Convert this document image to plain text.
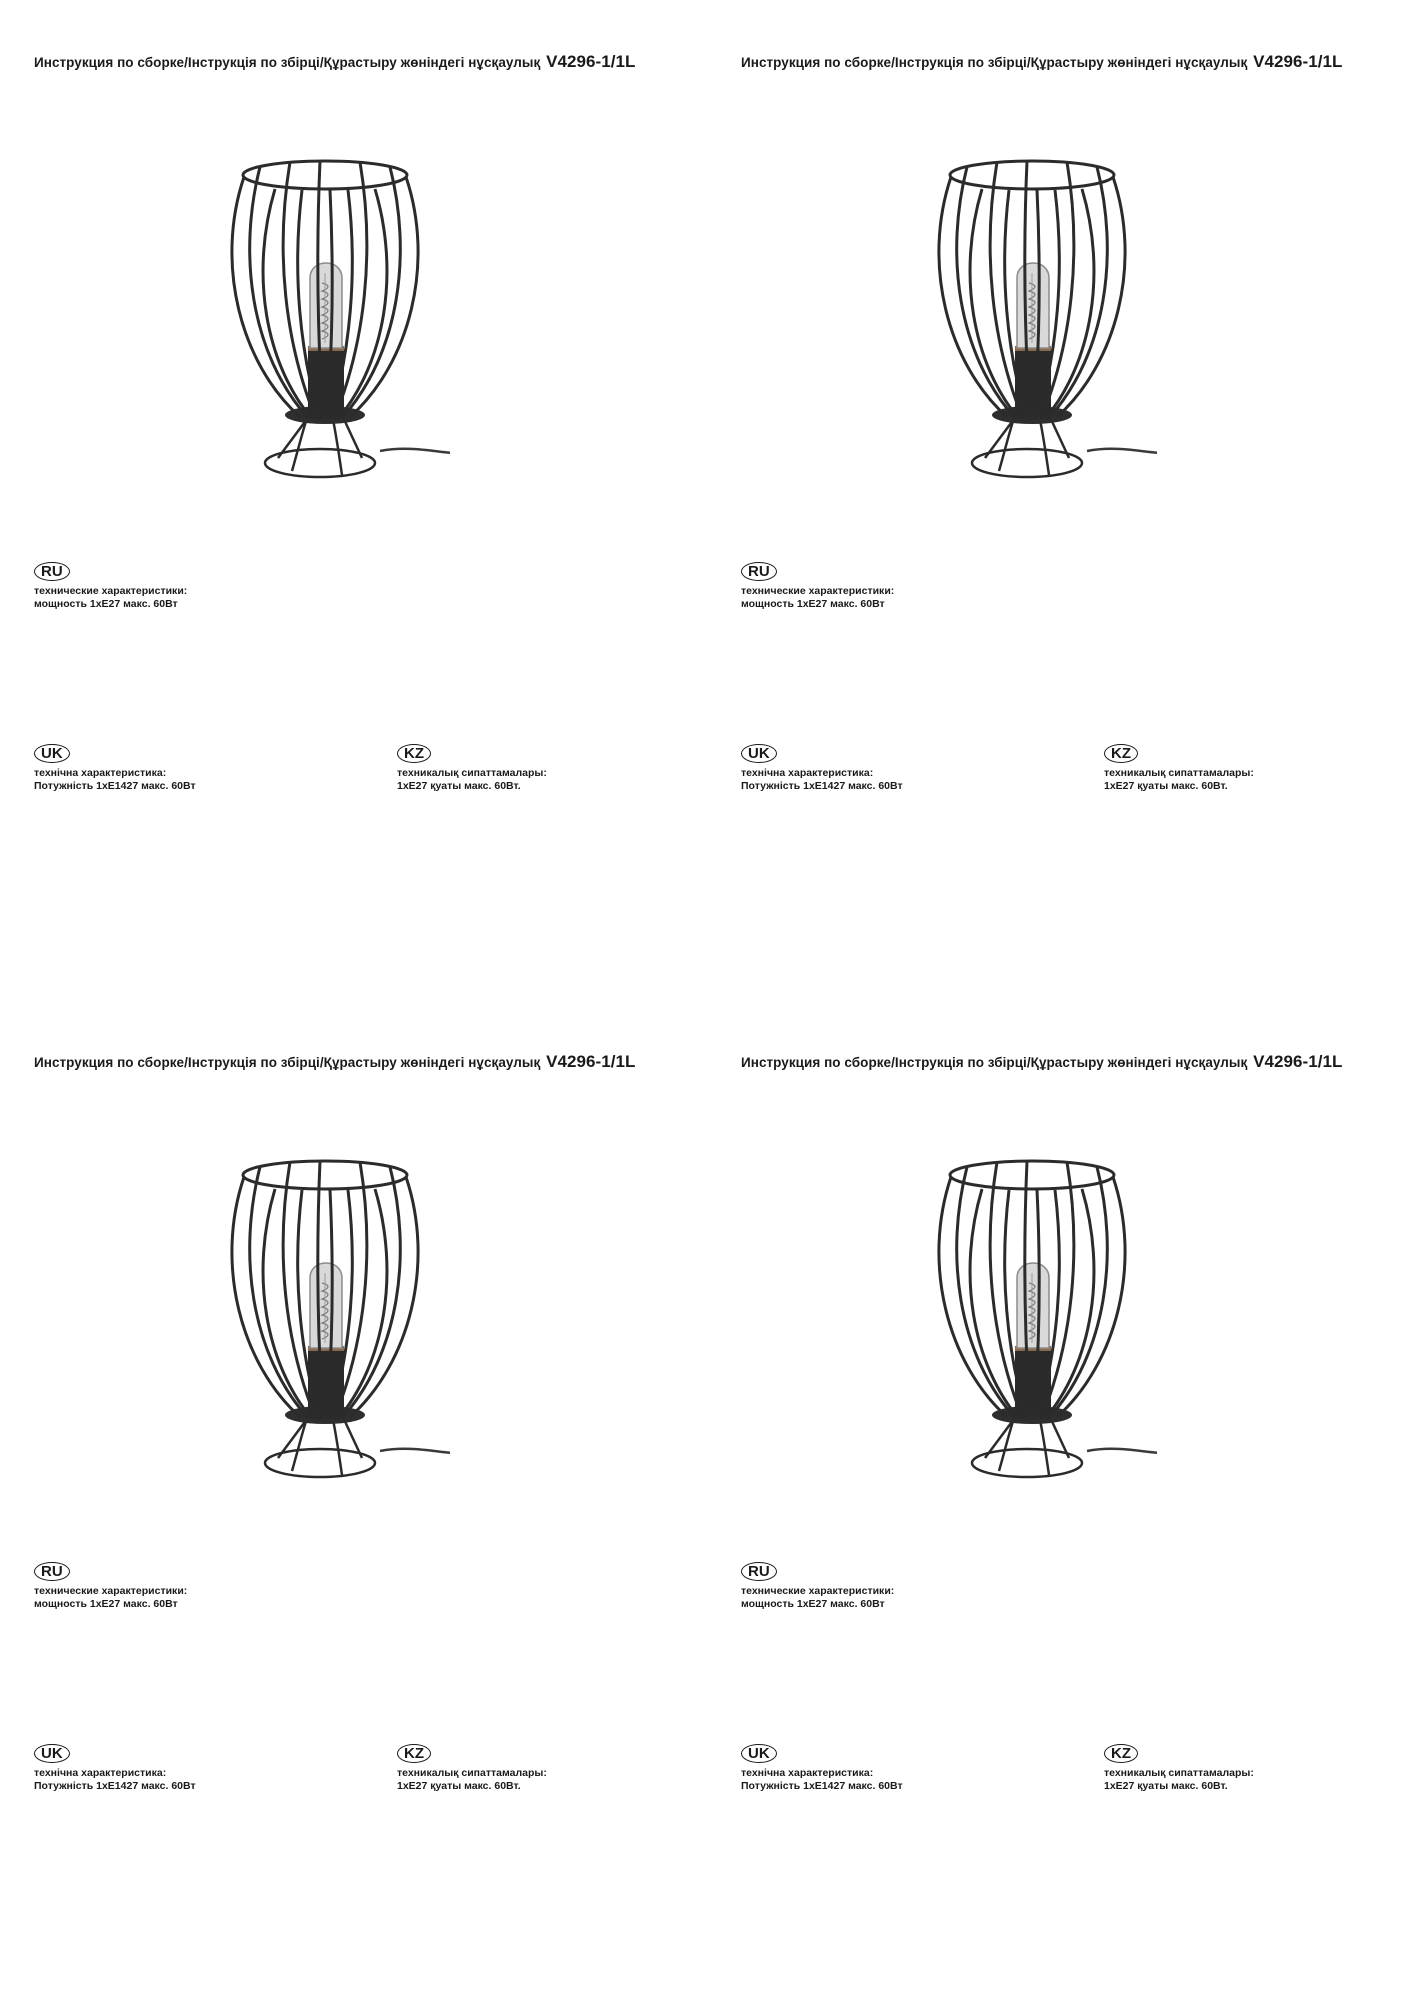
Инструкция по сборке/Інструкція по збірці/Құрастыру жөніндегі нұсқаулық V4296-1/1L
RU
технические характеристики:
мощность 1xE27 макс. 60Вт
UK
технічна характеристика:
Потужність 1хЕ1427 макс. 60Вт
KZ
техникалық сипаттамалары:
1хE27 қуаты макс. 60Вт.
Инструкция по сборке/Інструкція по збірці/Құрастыру жөніндегі нұсқаулық V4296-1/1L
RU
технические характеристики:
мощность 1xE27 макс. 60Вт
UK
технічна характеристика:
Потужність 1хЕ1427 макс. 60Вт
KZ
техникалық сипаттамалары:
1хE27 қуаты макс. 60Вт.
Инструкция по сборке/Інструкція по збірці/Құрастыру жөніндегі нұсқаулық V4296-1/1L
RU
технические характеристики:
мощность 1xE27 макс. 60Вт
UK
технічна характеристика:
Потужність 1хЕ1427 макс. 60Вт
KZ
техникалық сипаттамалары:
1хE27 қуаты макс. 60Вт.
Инструкция по сборке/Інструкція по збірці/Құрастыру жөніндегі нұсқаулық V4296-1/1L
RU
технические характеристики:
мощность 1xE27 макс. 60Вт
UK
технічна характеристика:
Потужність 1хЕ1427 макс. 60Вт
KZ
техникалық сипаттамалары:
1хE27 қуаты макс. 60Вт.
